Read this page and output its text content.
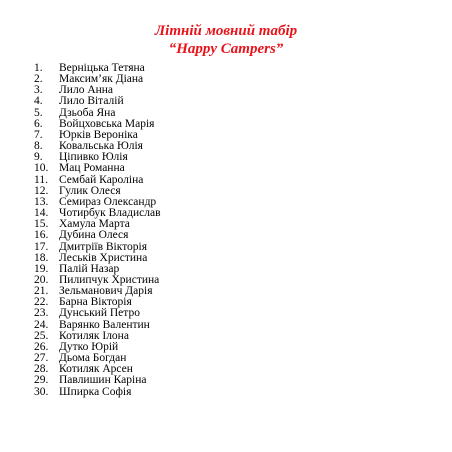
Літній мовний табір
“Happy Campers”
1.	Верніцька Тетяна
2.	Максим’як Діана
3.	Лило Анна
4.	Лило Віталій
5.	Дзьоба Яна
6.	Войцховська Марія
7.	Юрків Вероніка
8.	Ковальська Юлія
9.	Ціпивко Юлія
10. Мац Романна
11. Сембай Кароліна
12. Гулик Олеся
13. Семираз Олександр
14. Чотирбук Владислав
15. Хамула Марта
16. Дубина Олеся
17. Дмитріїв Вікторія
18. Леськів Христина
19. Палій Назар
20. Пилипчук Христина
21. Зельманович Дарія
22. Барна Вікторія
23. Дунський Петро
24. Варянко Валентин
25. Котиляк Ілона
26. Дутко Юрій
27. Дьома Богдан
28. Котиляк Арсен
29. Павлишин Каріна
30. Шпирка Софія
